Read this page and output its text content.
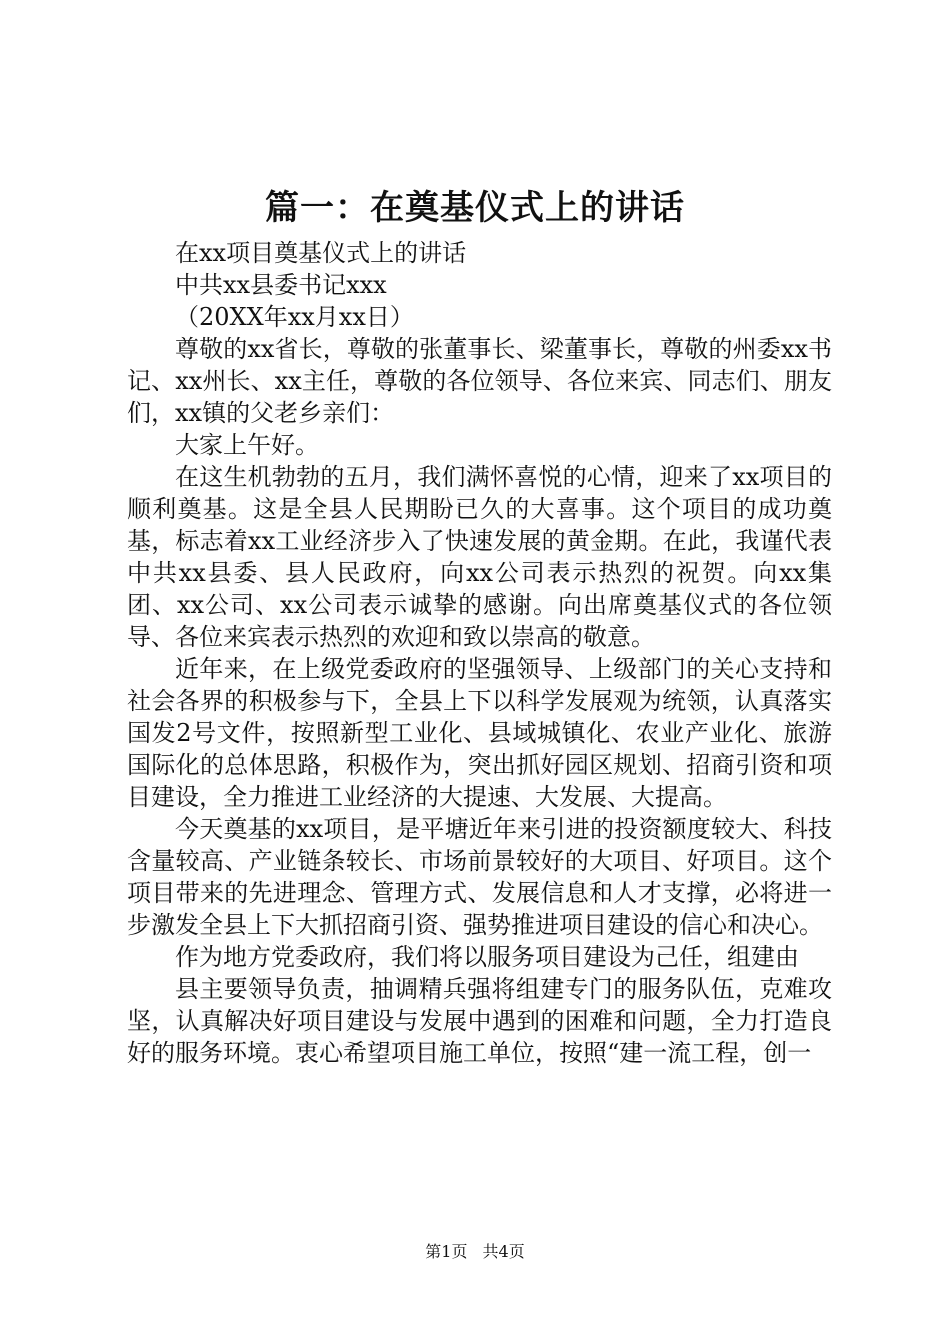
篇一：在奠基仪式上的讲话

在xx项目奠基仪式上的讲话

中共xx县委书记xxx

（20XX年xx月xx日）

尊敬的xx省长，尊敬的张董事长、梁董事长，尊敬的州委xx书记、xx州长、xx主任，尊敬的各位领导、各位来宾、同志们、朋友们，xx镇的父老乡亲们：

大家上午好。

在这生机勃勃的五月，我们满怀喜悦的心情，迎来了xx项目的顺利奠基。这是全县人民期盼已久的大喜事。这个项目的成功奠基，标志着xx工业经济步入了快速发展的黄金期。在此，我谨代表中共xx县委、县人民政府，向xx公司表示热烈的祝贺。向xx集团、xx公司、xx公司表示诚挚的感谢。向出席奠基仪式的各位领导、各位来宾表示热烈的欢迎和致以崇高的敬意。

近年来，在上级党委政府的坚强领导、上级部门的关心支持和社会各界的积极参与下，全县上下以科学发展观为统领，认真落实国发2号文件，按照新型工业化、县域城镇化、农业产业化、旅游国际化的总体思路，积极作为，突出抓好园区规划、招商引资和项目建设，全力推进工业经济的大提速、大发展、大提高。

今天奠基的xx项目，是平塘近年来引进的投资额度较大、科技含量较高、产业链条较长、市场前景较好的大项目、好项目。这个项目带来的先进理念、管理方式、发展信息和人才支撑，必将进一步激发全县上下大抓招商引资、强势推进项目建设的信心和决心。

作为地方党委政府，我们将以服务项目建设为己任，组建由

县主要领导负责，抽调精兵强将组建专门的服务队伍，克难攻坚，认真解决好项目建设与发展中遇到的困难和问题，全力打造良好的服务环境。衷心希望项目施工单位，按照“建一流工程，创一

第1页 共4页
